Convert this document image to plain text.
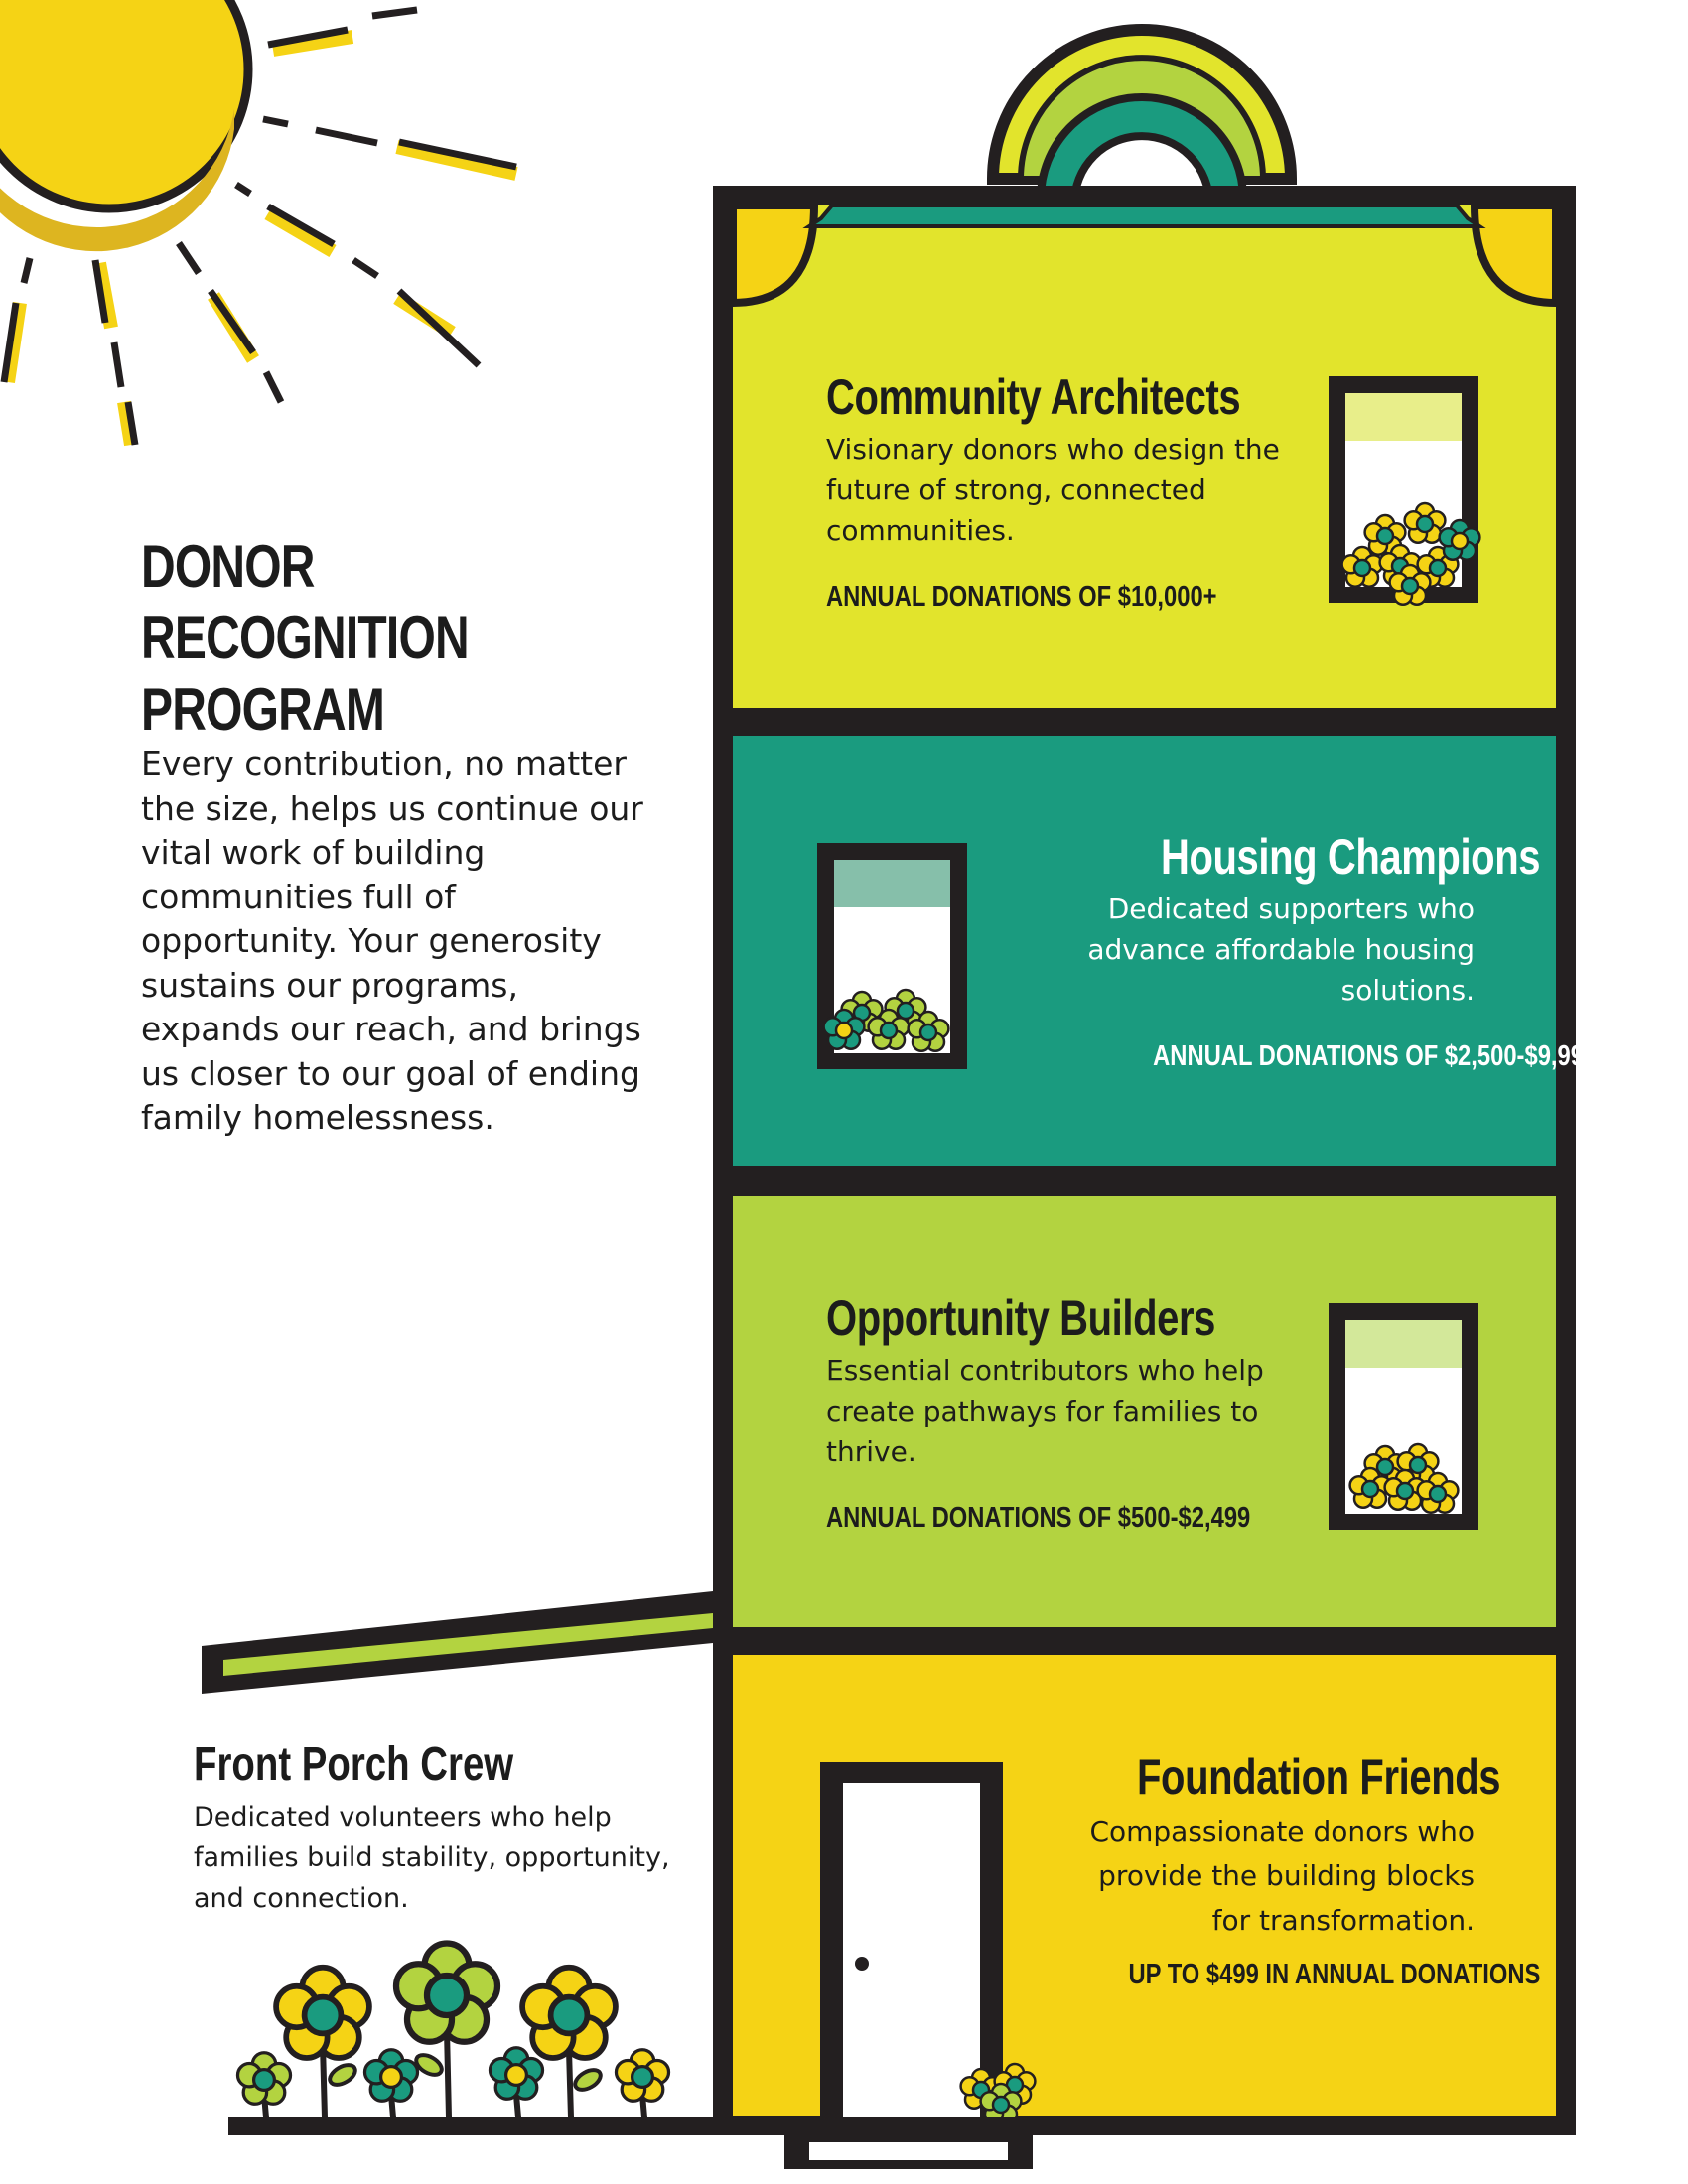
DONOR
RECOGNITION
PROGRAM
Every contribution, no matter the size, helps us continue our vital work of building communities full of opportunity. Your generosity sustains our programs, expands our reach, and brings us closer to our goal of ending family homelessness.
Community Architects

Visionary donors who design the future of strong, connected communities.

ANNUAL DONATIONS OF $10,000+
Housing Champions

Dedicated supporters who advance affordable housing solutions.

ANNUAL DONATIONS OF $2,500-$9,999
Opportunity Builders

Essential contributors who help create pathways for families to thrive.

ANNUAL DONATIONS OF $500-$2,499
Foundation Friends

Compassionate donors who provide the building blocks for transformation.

UP TO $499 IN ANNUAL DONATIONS
Front Porch Crew

Dedicated volunteers who help families build stability, opportunity, and connection.
